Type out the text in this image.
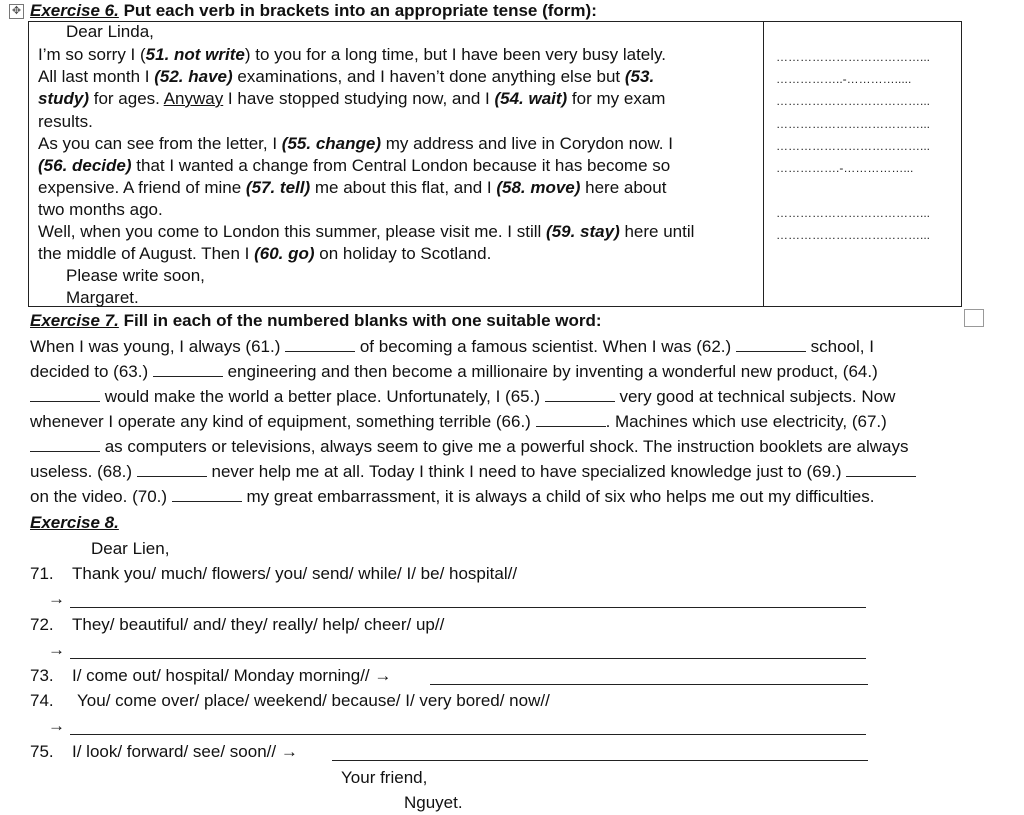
✥ Exercise 6. Put each verb in brackets into an appropriate tense (form):
Dear Linda,
I’m so sorry I (51. not write) to you for a long time, but I have been very busy lately.
All last month I (52. have) examinations, and I haven’t done anything else but (53.
study) for ages. Anyway I have stopped studying now, and I (54. wait) for my exam
results.
As you can see from the letter, I (55. change) my address and live in Corydon now. I
(56. decide) that I wanted a change from Central London because it has become so
expensive. A friend of mine (57. tell) me about this flat, and I (58. move) here about
two months ago.
Well, when you come to London this summer, please visit me. I still (59. stay) here until
the middle of August. Then I (60. go) on holiday to Scotland.
Please write soon,
Margaret.
………………………………...
……………..-………….....
………………………………...
………………………………...
………………………………...
…………….-……………...
………………………………...
………………………………...
Exercise 7. Fill in each of the numbered blanks with one suitable word:
When I was young, I always (61.)	of becoming a famous scientist. When I was (62.)	school, I
decided to (63.)	engineering and then become a millionaire by inventing a wonderful new product, (64.)
would make the world a better place. Unfortunately, I (65.)	very good at technical subjects. Now
whenever I operate any kind of equipment, something terrible (66.)	. Machines which use electricity, (67.)
as computers or televisions, always seem to give me a powerful shock. The instruction booklets are always
useless. (68.)	never help me at all. Today I think I need to have specialized knowledge just to (69.)
on the video. (70.)	my great embarrassment, it is always a child of six who helps me out my difficulties.
Exercise 8.
Dear Lien,
71. Thank you/ much/ flowers/ you/ send/ while/ I/ be/ hospital//
→
72. They/ beautiful/ and/ they/ really/ help/ cheer/ up//
→
73. I/ come out/ hospital/ Monday morning// →
74. You/ come over/ place/ weekend/ because/ I/ very bored/ now//
→
75. I/ look/ forward/ see/ soon// →
Your friend,
Nguyet.
